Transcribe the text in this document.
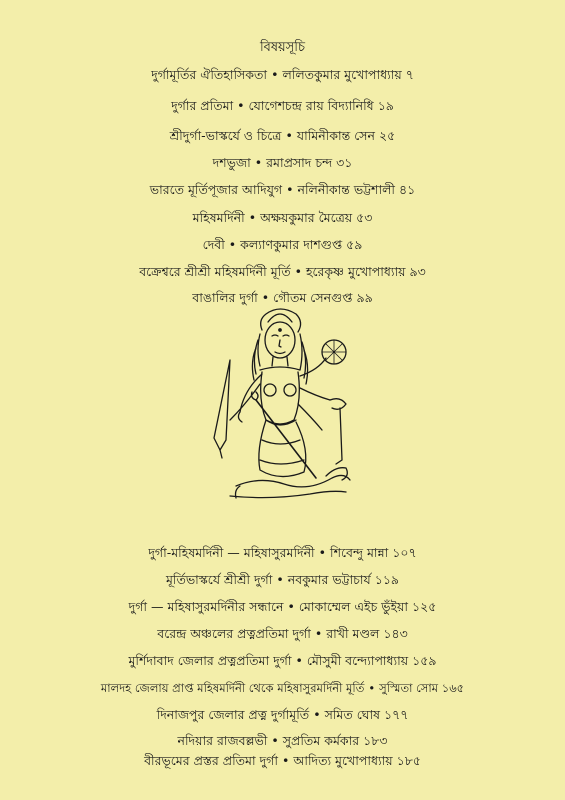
বিষয়সূচি
দুর্গামূর্তির ঐতিহাসিকতা • ললিতকুমার মুখোপাধ্যায় ৭
দুর্গার প্রতিমা • যোগেশচন্দ্র রায় বিদ্যানিধি ১৯
শ্রীদুর্গা-ভাস্কর্যে ও চিত্রে • যামিনীকান্ত সেন ২৫
দশভুজা • রমাপ্রসাদ চন্দ ৩১
ভারতে মূর্তিপূজার আদিযুগ • নলিনীকান্ত ভট্টশালী ৪১
মহিষমর্দিনী • অক্ষয়কুমার মৈত্রেয় ৫৩
দেবী • কল্যাণকুমার দাশগুপ্ত ৫৯
বক্রেশ্বরে শ্রীশ্রী মহিষমর্দিনী মূর্তি • হরেকৃষ্ণ মুখোপাধ্যায় ৯৩
বাঙালির দুর্গা • গৌতম সেনগুপ্ত ৯৯
দুর্গা-মহিষমর্দিনী — মহিষাসুরমর্দিনী • শিবেন্দু মান্না ১০৭
মূর্তিভাস্কর্যে শ্রীশ্রী দুর্গা • নবকুমার ভট্টাচার্য ১১৯
দুর্গা — মহিষাসুরমর্দিনীর সন্ধানে • মোকাম্মেল এইচ ভুঁইয়া ১২৫
বরেন্দ্র অঞ্চলের প্রত্নপ্রতিমা দুর্গা • রাখী মণ্ডল ১৪৩
মুর্শিদাবাদ জেলার প্রত্নপ্রতিমা দুর্গা • মৌসুমী বন্দ্যোপাধ্যায় ১৫৯
মালদহ জেলায় প্রাপ্ত মহিষমর্দিনী থেকে মহিষাসুরমর্দিনী মূর্তি • সুস্মিতা সোম ১৬৫
দিনাজপুর জেলার প্রত্ন দুর্গামূর্তি • সমিত ঘোষ ১৭৭
নদিয়ার রাজবল্লভী • সুপ্রতিম কর্মকার ১৮৩
বীরভূমের প্রস্তর প্রতিমা দুর্গা • আদিত্য মুখোপাধ্যায় ১৮৫
